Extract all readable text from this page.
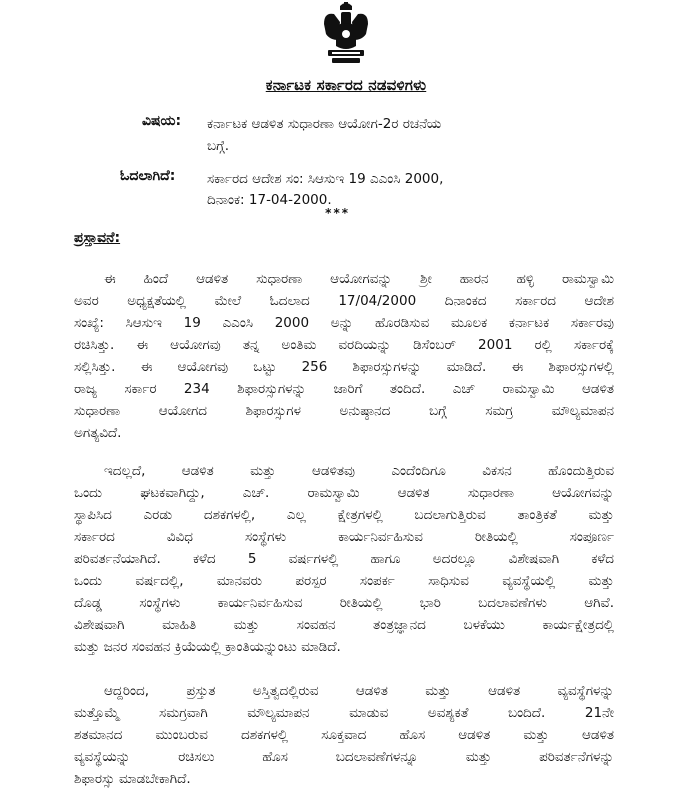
ಕರ್ನಾಟಕ ಸರ್ಕಾರದ ನಡವಳಿಗಳು
ವಿಷಯ: ಕರ್ನಾಟಕ ಆಡಳಿತ ಸುಧಾರಣಾ ಆಯೋಗ-2ರ ರಚನೆಯ
ಬಗ್ಗೆ.
ಓದಲಾಗಿದೆ: ಸರ್ಕಾರದ ಆದೇಶ ಸಂ: ಸಿಆಸುಇ 19 ಎಎಂಸಿ 2000,
ದಿನಾಂಕ: 17-04-2000.
***
ಪ್ರಸ್ತಾವನೆ:
ಈ ಹಿಂದೆ ಆಡಳಿತ ಸುಧಾರಣಾ ಆಯೋಗವನ್ನು ಶ್ರೀ ಹಾರನ ಹಳ್ಳಿ ರಾಮಸ್ವಾಮಿ
ಅವರ ಅಧ್ಯಕ್ಷತೆಯಲ್ಲಿ ಮೇಲೆ ಓದಲಾದ 17/04/2000 ದಿನಾಂಕದ ಸರ್ಕಾರದ ಆದೇಶ
ಸಂಖ್ಯೆ: ಸಿಆಸುಇ 19 ಎಎಂಸಿ 2000 ಅನ್ನು ಹೊರಡಿಸುವ ಮೂಲಕ ಕರ್ನಾಟಕ ಸರ್ಕಾರವು
ರಚಿಸಿತ್ತು. ಈ ಆಯೋಗವು ತನ್ನ ಅಂತಿಮ ವರದಿಯನ್ನು ಡಿಸೆಂಬರ್ 2001 ರಲ್ಲಿ ಸರ್ಕಾರಕ್ಕೆ
ಸಲ್ಲಿಸಿತ್ತು. ಈ ಆಯೋಗವು ಒಟ್ಟು 256 ಶಿಫಾರಸ್ಸುಗಳನ್ನು ಮಾಡಿದೆ. ಈ ಶಿಫಾರಸ್ಸುಗಳಲ್ಲಿ
ರಾಜ್ಯ ಸರ್ಕಾರ 234 ಶಿಫಾರಸ್ಸುಗಳನ್ನು ಜಾರಿಗೆ ತಂದಿದೆ. ಎಚ್ ರಾಮಸ್ವಾಮಿ ಆಡಳಿತ
ಸುಧಾರಣಾ ಆಯೋಗದ ಶಿಫಾರಸ್ಸುಗಳ ಅನುಷ್ಠಾನದ ಬಗ್ಗೆ ಸಮಗ್ರ ಮೌಲ್ಯಮಾಪನ
ಅಗತ್ಯವಿದೆ.
ಇದಲ್ಲದೆ, ಆಡಳಿತ ಮತ್ತು ಆಡಳಿತವು ಎಂದೆಂದಿಗೂ ವಿಕಸನ ಹೊಂದುತ್ತಿರುವ
ಒಂದು ಘಟಕವಾಗಿದ್ದು, ಎಚ್. ರಾಮಸ್ವಾಮಿ ಆಡಳಿತ ಸುಧಾರಣಾ ಆಯೋಗವನ್ನು
ಸ್ಥಾಪಿಸಿದ ಎರಡು ದಶಕಗಳಲ್ಲಿ, ಎಲ್ಲ ಕ್ಷೇತ್ರಗಳಲ್ಲಿ ಬದಲಾಗುತ್ತಿರುವ ತಾಂತ್ರಿಕತೆ ಮತ್ತು
ಸರ್ಕಾರದ ವಿವಿಧ ಸಂಸ್ಥೆಗಳು ಕಾರ್ಯನಿರ್ವಹಿಸುವ ರೀತಿಯಲ್ಲಿ ಸಂಪೂರ್ಣ
ಪರಿವರ್ತನೆಯಾಗಿದೆ. ಕಳೆದ 5 ವರ್ಷಗಳಲ್ಲಿ ಹಾಗೂ ಅದರಲ್ಲೂ ವಿಶೇಷವಾಗಿ ಕಳೆದ
ಒಂದು ವರ್ಷದಲ್ಲಿ, ಮಾನವರು ಪರಸ್ಪರ ಸಂಪರ್ಕ ಸಾಧಿಸುವ ವ್ಯವಸ್ಥೆಯಲ್ಲಿ ಮತ್ತು
ದೊಡ್ಡ ಸಂಸ್ಥೆಗಳು ಕಾರ್ಯನಿರ್ವಹಿಸುವ ರೀತಿಯಲ್ಲಿ ಭಾರಿ ಬದಲಾವಣೆಗಳು ಆಗಿವೆ.
ವಿಶೇಷವಾಗಿ ಮಾಹಿತಿ ಮತ್ತು ಸಂವಹನ ತಂತ್ರಜ್ಞಾನದ ಬಳಕೆಯು ಕಾರ್ಯಕ್ಷೇತ್ರದಲ್ಲಿ
ಮತ್ತು ಜನರ ಸಂವಹನ ಕ್ರಿಯೆಯಲ್ಲಿ ಕ್ರಾಂತಿಯನ್ನುಂಟು ಮಾಡಿದೆ.
ಆದ್ದರಿಂದ, ಪ್ರಸ್ತುತ ಅಸ್ತಿತ್ವದಲ್ಲಿರುವ ಆಡಳಿತ ಮತ್ತು ಆಡಳಿತ ವ್ಯವಸ್ಥೆಗಳನ್ನು
ಮತ್ತೊಮ್ಮೆ ಸಮಗ್ರವಾಗಿ ಮೌಲ್ಯಮಾಪನ ಮಾಡುವ ಅವಶ್ಯಕತೆ ಬಂದಿದೆ. 21ನೇ
ಶತಮಾನದ ಮುಂಬರುವ ದಶಕಗಳಲ್ಲಿ ಸೂಕ್ತವಾದ ಹೊಸ ಆಡಳಿತ ಮತ್ತು ಆಡಳಿತ
ವ್ಯವಸ್ಥೆಯನ್ನು ರಚಿಸಲು ಹೊಸ ಬದಲಾವಣೆಗಳನ್ನೂ ಮತ್ತು ಪರಿವರ್ತನೆಗಳನ್ನು
ಶಿಫಾರಸ್ಸು ಮಾಡಬೇಕಾಗಿದೆ.
